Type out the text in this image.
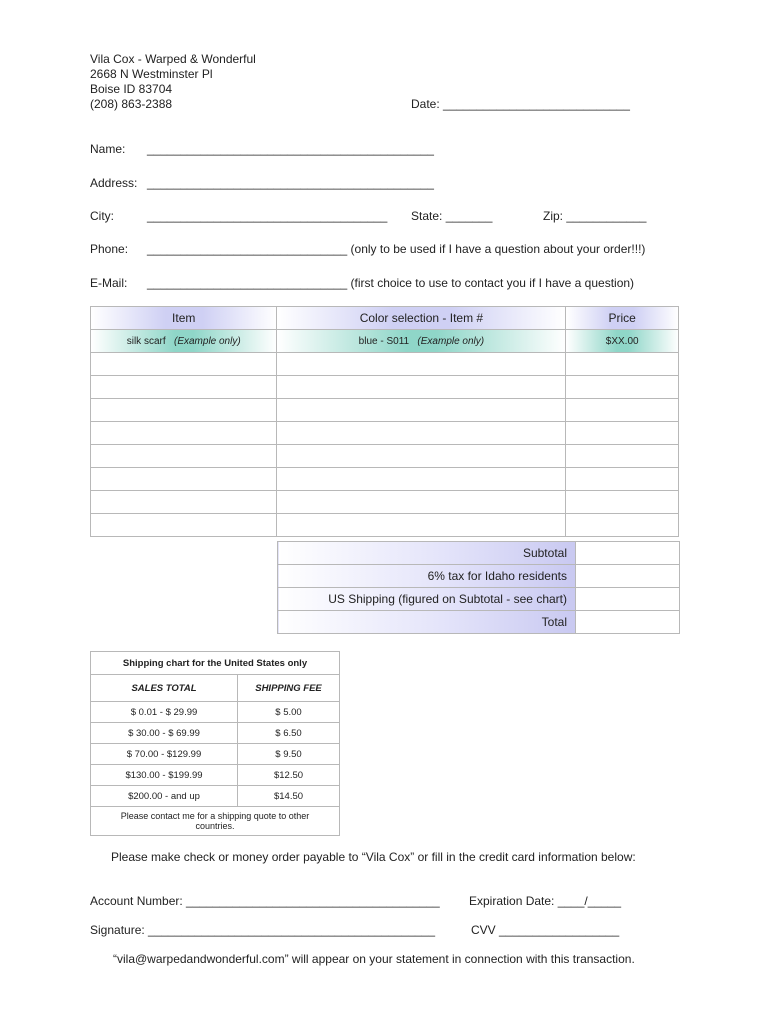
Vila Cox - Warped & Wonderful
2668 N Westminster Pl
Boise ID 83704
(208) 863-2388	Date: ____________________________
Name: ___________________________________________
Address: ___________________________________________
City:	____________________________________ State: _______	Zip: ____________
Phone: ______________________________ (only to be used if I have a question about your order!!!)
E-Mail: ______________________________ (first choice to use to contact you if I have a question)
Item	Color selection - Item #	Price
silk scarf (Example only)	blue - S011 (Example only)	$XX.00

Subtotal	
6% tax for Idaho residents	
US Shipping (figured on Subtotal - see chart)	
Total	
Shipping chart for the United States only	
SALES TOTAL	SHIPPING FEE
$ 0.01 - $ 29.99	$ 5.00
$ 30.00 - $ 69.99	$ 6.50
$ 70.00 - $129.99	$ 9.50
$130.00 - $199.99	$12.50
$200.00 - and up	$14.50

Please contact me for a shipping quote to other
countries.	
Please make check or money order payable to “Vila Cox” or fill in the credit card information below:
Account Number: ______________________________________ Expiration Date: ____/_____
Signature: ___________________________________________	CVV __________________
“vila@warpedandwonderful.com” will appear on your statement in connection with this transaction.
